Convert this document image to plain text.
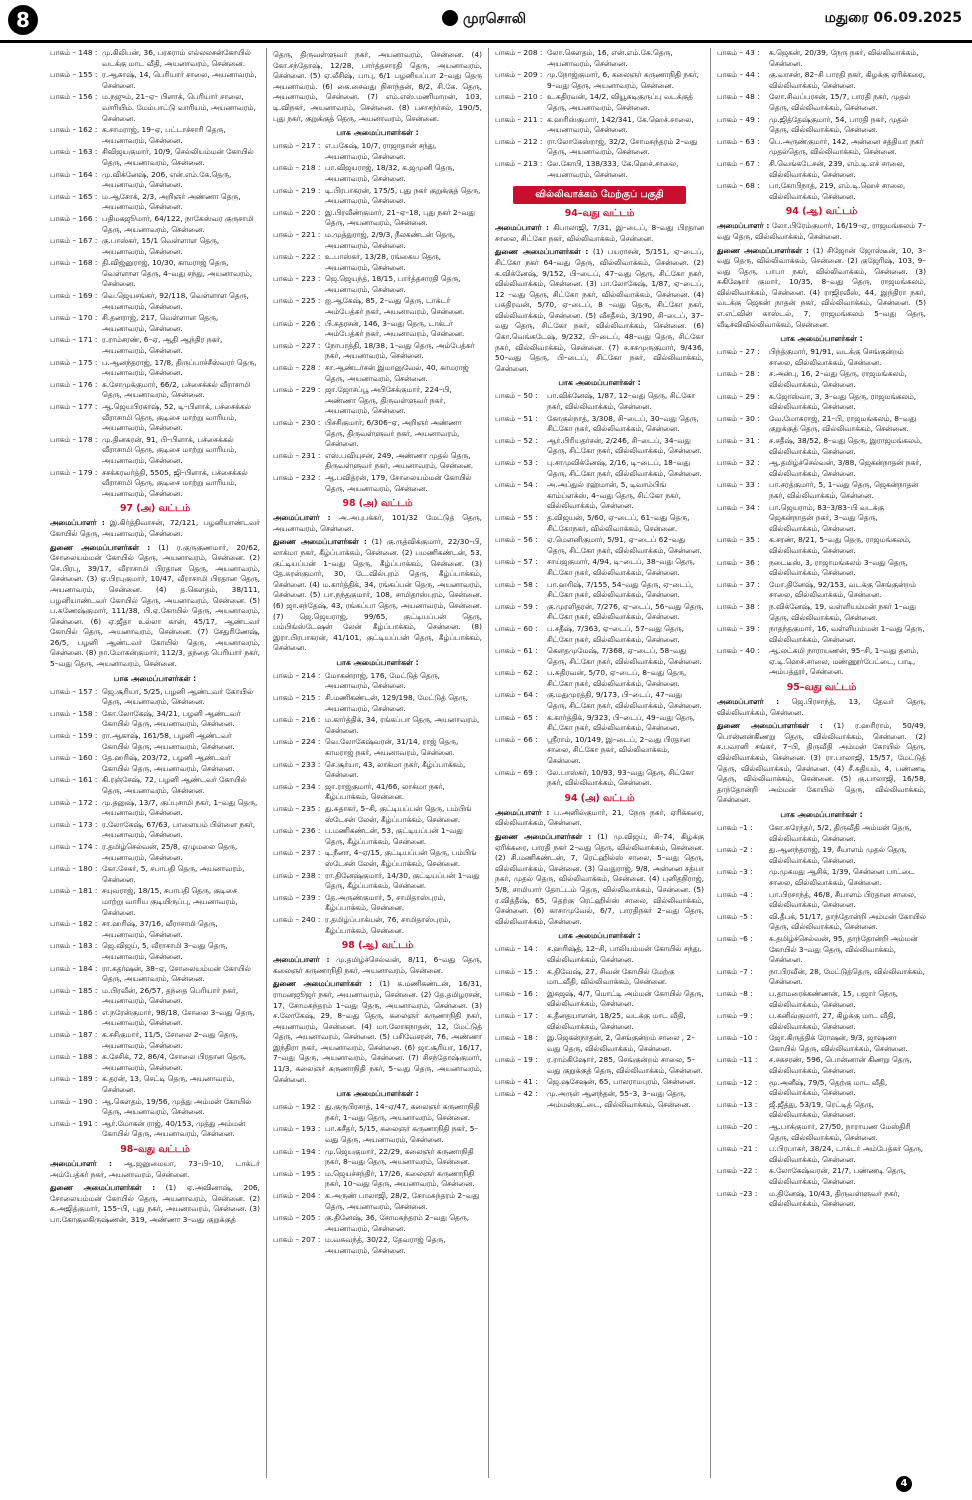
8	முரசொலி	மதுரை 06.09.2025
பாகம் – 148 : மு.கிலிபன், 36, பரசுராம் எல்லலசன்கோயில் வடக்கு மாட வீதி, அயனாவரம், சென்னை.
பாகம் – 155 : ர.ஆகாஷ், 14, பெரியார் சாலை, அயனாவரம், சென்னை.
பாகம் – 156 : ம.நஜும், 21–ஏ– பிளாக், பெரியார் சாலை, வாரியிம். மேம்பாட்டு வாரியம், அயனாவரம், சென்னை.
பாகம் – 162 : க.சாமராஜ், 19–ஏ, பட்டாச்சாரி தெரு, அயனாவரம், சென்னை.
பாகம் – 163 : சிவிஜயகுமார், 10/9, செல்லியம்மன் கோயில் தெரு, அயனாவரம், சென்னை.
பாகம் – 164 : மு.விக்னேஷ், 206, என்.எம்.கே.தெரு, அயனாவரம், சென்னை.
பாகம் – 165 : ம.ஆசோக், 2/3, அறிஞர் அண்ணா தெரு, அயனாவரம், சென்னை.
பாகம் – 166 : பதிமகஜூமார், 64/122, நாகேஸ்வர குருசாமி தெரு, அயனாவரம், சென்னை.
பாகம் – 167 : கு.பாஸ்கர், 15/1 வெள்ளாள தெரு, அயனாவரம், சென்னை.
பாகம் – 168 : தி.விஜ்னுராஜ், 10/30, காமராஜ் தெரு, வெள்ளாள தெரு, 4–வது சந்து, அயனாவரம், சென்னை.
பாகம் – 169 : வெ.ஜெயசங்கர், 92/118, வெள்ளாள தெரு, அயனாவரம், சென்னை.
பாகம் – 170 : சி.தனராஜ், 217, வெள்ளாள தெரு, அயனாவரம், சென்னை.
பாகம் – 171 : ர.ராம்சரண், 6–ஏ, ஆதி ஆந்திர நகர், அயனாவரம், சென்னை.
பாகம் – 175 : ப.ஆனந்தராஜ், 17/8, திருப்பாச்சீஸ்வரர் தெரு, அயனாவரம், சென்னை.
பாகம் – 176 : க.சோமுக்குமார், 66/2, பச்சைக்கல் வீராசாமி தெரு, அயனாவரம், சென்னை.
பாகம் – 177 : ஆ.ஜெயபிரகாஷ், 52, டி–பிளாக், பச்சைக்கல் வீராசாமி தெரு, குடிசை மாற்று வாரியம், அயனாவரம், சென்னை.
பாகம் – 178 : மு.தினகரன், 91, பி–பிளாக், பச்சைக்கல் வீராசாமி தெரு, குடிசை மாற்று வாரியம், அயனாவரம், சென்னை.
பாகம் – 179 : சசக்கரவர்த்தி, 5505, ஜி–பிளாக், பச்சைக்கல் வீராசாமி தெரு, குடிசை மாற்று வாரியம், அயனாவரம், சென்னை.
97 (அ) வட்டம்
அமைப்பாளர் : இ.கிர்த்திவாசன், 72/121, பழனியாண்டவர் கோயில் தெரு, அயனாவரம், சென்னை.
துணை அமைப்பாளர்கள் : (1) ர.குருகுணமார், 20/62, சோலையம்மன் கோயில் தெரு, அயனாவரம், சென்னை. (2) செ.பிரபு, 39/17, வீராசாமி பிரதான தெரு, அயனாவரம், சென்னை. (3) ஏ.பிரபுகுமார், 10/47, வீராசாமி பிரதான தெரு, அயனாவரம், சென்னை. (4) த.கெளதம், 38/111, பழனியாண்டவர் கோயில் தெரு, அயனாவரம், சென்னை. (5) ப.கணேஷ்குமார், 111/38, பி.ஏ.கோயில் தெரு, அயனாவரம், சென்னை. (6) ஏ.ஜீதா உல்லா கான், 45/17, ஆண்டவர் கோயில் தெரு, அயனாவரம், சென்னை. (7) சேதுரிணேஷ், 26/5, பழனி ஆண்டவர் கோயில் தெரு, அயனாவரம், சென்னை. (8) நா.மோகன்குமார், 112/3, தந்தை பெரியார் நகர், 5–வது தெரு, அயனாவரம், சென்னை.
பாக அமைப்பாளர்கள் :
பாகம் – 157 : ஜெ.சூரியா, 5/25, பழனி ஆண்டவர் கோயில் தெரு, அயனாவரம், சென்னை.
பாகம் – 158 : கோ.லோகேஷ், 34/21, பழனி ஆண்டவர் கோயில் தெரு, அயனாவரம், சென்னை.
பாகம் – 159 : ரா.ஆகாஷ், 161/58, பழனி ஆண்டவர் கோயில் தெரு, அயனாவரம், சென்னை.
பாகம் – 160 : தே.ஹரிஷ், 203/72, பழனி ஆண்டவர் கோயில் தெரு, அயனாவரம், சென்னை.
பாகம் – 161 : கி.ரஞ்சேஷ், 72, பழனி ஆண்டவர் கோயில் தெரு, அயனாவரம், சென்னை.
பாகம் – 172 : மு.தனுஷ், 13/7, குப்புசாமி நகர், 1–வது தெரு, அயனாவரம், சென்னை.
பாகம் – 173 : ர.லோகேஷ், 67/63, பாளையம் பிள்ளை நகர், அயனாவரம், சென்னை.
பாகம் – 174 : ர.தமிழ்செல்வன், 25/8, ஏழுமலை தெரு, அயனாவரம், சென்னை.
பாகம் – 180 : கோ.சேகர், 5, சபாபதி தெரு, அயனாவரம், சென்னை.
பாகம் – 181 : சயுவராஜ், 18/15, சபாபதி தெரு, குடிசை மாற்று வாரிய குடியிருப்பு, அயனாவரம், சென்னை.
பாகம் – 182 : சா.ஹரிஷ், 37/16, வீராசாமி தெரு, அயனாவரம், சென்னை.
பாகம் – 183 : ஜெ.விஜய், 5, வீராசாமி 3–வது தெரு, அயனாவரம், சென்னை.
பாகம் – 184 : ரா.கதர்ஷன், 38–ஏ, சோலையம்மன் கோயில் தெரு, அயனாவரம், சென்னை.
பாகம் – 185 : ம.பிரவீன், 26/57, தந்தை பெரியார் நகர், அயனாவரம், சென்னை.
பாகம் – 186 : எ.நரேன்குமார், 98/18, சோலை 3–வது தெரு, அயனாவரம், சென்னை.
பாகம் – 187 : க.சசிகுமார், 11/5, சோலை 2–வது தெரு, அயனாவரம், சென்னை.
பாகம் – 188 : க.சேசிக், 72, 86/4, சோலை பிரதான தெரு, அயனாவரம், சென்னை.
பாகம் – 189 : க.தரன், 13, செட்டி தெரு, அயனாவரம், சென்னை.
பாகம் – 190 : ஆ.கெளதம், 19/56, முத்து அம்மன் கோயில் தெரு, அயனாவரம், சென்னை.
பாகம் – 191 : ஆர்.மோகன் ராஜ், 40/153, முத்து அம்மன் கோயில் தெரு, அயனாவரம், சென்னை.
98–வது வட்டம்
அமைப்பாளர் : ஆ.ஜனுமையா, 73–பி–10, டாக்டர் அம்பேத்கர் நகர், அயனாவரம், சென்னை.
துணை அமைப்பாளர்கள் : (1) ஏ.அவினாஷ், 206, சோலையம்மன் கோயில் தெரு, அயனாவரம், சென்னை. (2) க.அஜித்குமார், 155–பி, புது நகர், அயனாவரம், சென்னை. (3) பா.கோகுலகிருஷ்ணன், 319, அண்ணா 3–வது குறுக்குத்
தெரு, திருவள்ளுவர் நகர், அயனாவரம், சென்னை. (4) கோ.சந்தோஷ், 12/28, பார்த்தசாரதி தெரு, அயனாவரம், சென்னை. (5) ஏ.லீசிஷ், பாபு, 6/1 பழனியப்பா 2–வது தெரு அயனாவரம். (6) கை.சைவது நிசாந்தன், 8/2, சி.கே. தெரு, அயனாவரம், சென்னை. (7) எம்.எஸ்.மணிமாறன், 103, டி.விநகர், அயனாவரம், சென்னை. (8) பசாசந்ர்சல், 190/5, புது நகர், குறுக்குத் தெரு, அயனாவரம், சென்னை.
பாக அமைப்பாளர்கள் :
பாகம் – 217 : எ.பகேஷ், 10/7, ராஜாதான் சந்து, அயனாவரம், சென்னை.
பாகம் – 218 : பா.விஜயராஜ், 18/32, க.ஜமுனி தெரு, அயனாவரம், சென்னை.
பாகம் – 219 : டி.பிரபாகரன், 175/5, புது நகர் குறுக்குத் தெரு, அயனாவரம், சென்னை.
பாகம் – 220 : இ.பிரவீண்குமார், 21–ஏ–18, புது நகர் 2–வது தெரு, அயனாவரம், சென்னை.
பாகம் – 221 : ம.முத்துராஜ், 2/9/3, நீலகண்டன் தெரு, அயனாவரம், சென்னை.
பாகம் – 222 : உ.பாஸ்கர், 13/28, ரங்கைய தெரு, அயனாவரம், சென்னை.
பாகம் – 223 : ஜெ.ஜெயந்த், 18/15, பார்த்தசாரதி தெரு, அயனாவரம், சென்னை.
பாகம் – 225 : ஐ.ஆகேஷ், 85, 2–வது தெரு, டாக்டர் அம்பேத்கர் நகர், அயனாவரம், சென்னை.
பாகம் – 226 : பி.கதரசன், 146, 3–வது தெரு, டாக்டர் அம்பேத்கர் நகர், அயனாவரம், சென்னை.
பாகம் – 227 : நோபாத்தி, 18/38, 1–வது தெரு, அம்பேத்கர் நகர், அயனாவரம், சென்னை.
பாகம் – 228 : சா.ஆண்டர்சன் இமானுவேல், 40, காமராஜ் தெரு, அயனாவரம், சென்னை.
பாகம் – 229 : ஜா.ஜோசப்பூ அபிசேக்குமார், 224–பி, அண்ணா தெரு, திருவள்ளுவர் நகர், அயனாவரம், சென்னை.
பாகம் – 230 : பிசசிகுமார், 6/306–ஏ, அறிஞர் அண்ணா தெரு, திருவள்ளுவர் நகர், அயனாவரம், சென்னை.
பாகம் – 231 : எஸ்.பவியுசன், 249, அண்ணா முதல் தெரு, திருவள்ளுவர் நகர், அயனாவரம், சென்னை.
பாகம் – 232 : ஆ.பவித்ரன், 179, சோலையம்மன் கோயில் தெரு, அயனாவரம், சென்னை.
98 (அ) வட்டம்
அமைப்பாளர் : அ.அபுபக்கர், 101/32 மேட்டுத் தெரு, அயனாவரம், சென்னை.
துணை அமைப்பாளர்கள் : (1) கு.ருத்விக்குமார், 22/30–பி, லாக்மா நகர், கீழ்ப்பாக்கம், சென்னை. (2) பமணிகண்டன், 53, குட்டியப்பன் 1–வது தெரு, கீழ்ப்பாக்கம், சென்னை. (3) தே.சுரன்குமார், 30, டே.வில்புரம் தெரு, கீழ்ப்பாக்கம், சென்னை. (4) ம.கார்த்திக், 34, ரங்கப்பன் தெரு, அயனாவரம், சென்னை. (5) பா.நந்தகுமார், 108, சாமிதாஸ்புரம், சென்னை. (6) ஜா.சந்தேஷ், 43, ரங்கப்பா தெரு, அயனாவரம், சென்னை. (7) ஜெ.ஜெயராஜ், 99/65, குட்டியப்பன் தெரு, பம்பிங்ஸ்டேஷன் லேன் கீழ்ப்பாக்கம், சென்னை. (8) இரா.பிரபாகரன், 41/101, குட்டியப்பன் தெரு, கீழ்ப்பாக்கம், சென்னை.
பாக அமைப்பாளர்கள் :
பாகம் – 214 : மோகன்ராஜ், 176, மேட்டுத் தெரு, அயனாவரம், சென்னை.
பாகம் – 215 : சி.மணிகண்டன், 129/198, மேட்டுத் தெரு, அயனாவரம், சென்னை.
பாகம் – 216 : ம.கார்த்திக், 34, ரங்கப்பா தெரு, அயனாவரம், சென்னை.
பாகம் – 224 : வெ.லோகேஷ்வரன், 31/14, ராஜ் தெரு, காமராஜ் நகர், அயனாவரம், சென்னை.
பாகம் – 233 : செ.சூர்யா, 43, லாக்மா நகர், கீழ்ப்பாக்கம், சென்னை.
பாகம் – 234 : ஜா.ராஜ்குமார், 41/66, லாக்மா நகர், கீழ்ப்பாக்கம், சென்னை.
பாகம் – 235 : து.சுதாகர், 5–சி, குட்டியப்பன் தெரு, பம்பிங் ஸ்டேசன் லேன், கீழ்ப்பாக்கம், சென்னை.
பாகம் – 236 : ப.மணிகண்டன், 53, குட்டியப்பன் 1–வது தெரு, கீழ்ப்பாக்கம், சென்னை.
பாகம் – 237 : டி.நீனா, 4–ஏ/15, குட்டியப்பன் தெரு, பம்பிங் ஸ்டேசன் லேன், கீழ்ப்பாக்கம், சென்னை.
பாகம் – 238 : ரா.தினேஷ்குமார், 14/30, குட்டியப்பன் 1–வது தெரு, கீழ்ப்பாக்கம், சென்னை.
பாகம் – 239 : தே.அருண்குமார், 5, சாமிதாஸ்புரம், கீழ்ப்பாக்கம், சென்னை.
பாகம் – 240 : ர.தமிழ்ப்பாக்யன், 76, சாமிதாஸ்புரம், கீழ்ப்பாக்கம், சென்னை.
98 (ஆ) வட்டம்
அமைப்பாளர் : மு.தமிழ்ச்செல்வன், 8/11, 6–வது தெரு, கலைஞர் கருணாநிதி நகர், அயனாவரம், சென்னை.
துணை அமைப்பாளர்கள் : (1) க.மணிகண்டன், 16/31, ராமனஜூஜர் நகர், அயனாவரம், சென்னை. (2) தே.தமிழரசன், 17, சோமசுந்தரம் 1–வது தெரு, அயனாவரம், சென்னை. (3) ச.லோகேஷ், 29, 8–வது தெரு, கலைஞர் கருணாநிதி நகர், அயனாவரம், சென்னை. (4) மா.லோகநாதன், 12, மேட்டுத் தெரு, அயனாவரம், சென்னை. (5) பசிவேசரன், 76, அண்ணா இந்திரா நகர், அயனாவரம், சென்னை. (6) ஜா.சூரியா, 16/17, 7–வது தெரு, அயனாவரம், சென்னை. (7) சிசந்தோஷ்குமார், 11/3, கலைஞர் கருணாநிதி நகர், 5–வது தெரு, அயனாவரம், சென்னை.
பாக அமைப்பாளர்கள் :
பாகம் – 192 : து.குருபிரசாத், 14–ஏ/47, கலைஞர் கருணாநிதி நகர், 1–வது தெரு, அயனாவரம், சென்னை.
பாகம் – 193 : பா.சுசீதர், 5/15, கலைஞர் கருணாநிதி நகர், 5–வது தெரு, அயனாவரம், சென்னை.
பாகம் – 194 : மு.ஜெயகுமார், 22/29, கலைஞர் கருணாநிதி நகர், 8–வது தெரு, அயனாவரம், சென்னை.
பாகம் – 195 : ம.ஜெயச்சந்திர், 17/26, கலைஞர் கருணாநிதி நகர், 10–வது தெரு, அயனாவரம், சென்னை.
பாகம் – 204 : க.அருண் பாலாஜி, 28/2, சோமசுந்தரம் 2–வது தெரு, அயனாவரம், சென்னை.
பாகம் – 205 : கு.தினேஷ், 36, சோமசுந்தரம் 2–வது தெரு, அயனாவரம், சென்னை.
பாகம் – 207 : ம.வசுவந்த், 30/22, தேவராஜ் தெரு, அயனாவரம், சென்னை.
பாகம் – 208 : லோ.கௌதம், 16, என்.எம்.கே.தெரு, அயனாவரம், சென்னை.
பாகம் – 209 : மு.நோஜ்குமார், 6, கலைஞர் கருணாநிதி நகர், 9–வது தெரு, அயனாவரம், சென்னை.
பாகம் – 210 : உ.கதிரவன், 14/2, வியூகடிகுருப்பு வடக்குத் தெரு, அயனாவரம், சென்னை.
பாகம் – 211 : க.ஹரிஸ்குமார், 142/341, கே.ஹெச்.சாலை, அயனாவரம், சென்னை.
பாகம் – 212 : ரா.லோகேஸ்ராஜ், 32/2, சோமசுந்தரம் 2–வது தெரு, அயனாவரம், சென்னை.
பாகம் – 213 : லே.கோபி, 138/333, கே.ஹெச்.சாலை, அயனாவரம், சென்னை.
வில்லிவாக்கம் மேற்குப் பகுதி
94–வது வட்டம்
அமைப்பாளர் : கிபாலாஜி, 7/31, இ–டைப், 8–வது பிரதான சாலை, சிட்கோ நகர், வில்லிவாக்கம், சென்னை.
துணை அமைப்பாளர்கள் : (1) பயராசன், 5/151, ஏ–டைப், சிட்கோ நகர் 64–வது தெரு, வில்லிவாக்கம், சென்னை. (2) க.விக்னேஷ், 9/152, பி–டைப், 47–வது தெரு, சிட்கோ நகர், வில்லிவாக்கம், சென்னை. (3) பா.லோகேஷ், 1/87, ஏ–டைப், 12 –வது தெரு, சிட்கோ நகர், வில்லிவாக்கம், சென்னை. (4) பசுதிரவன், 5/70, ஏ–டைப், 8 –வது தெரு, சிட்கோ நகர், வில்லிவாக்கம், சென்னை. (5) வீசதீசம், 3/190, சி–டைப், 37–வது தெரு, சிட்கோ நகர், வில்லிவாக்கம், சென்னை. (6) கொ.வெங்கடேஷ், 9/232, பி–டைப், 48–வது தெரு, சிட்கோ நகர், வில்லிவாக்கம், சென்னை. (7) ச.சசமுருகுமார், 9/436, 50–வது தெரு, பி–டைப், சிட்கோ நகர், வில்லிவாக்கம், சென்னை.
பாக அமைப்பாளர்கள் :
பாகம் – 50 :	பா.விக்னேஷ், 1/87, 12–வது தெரு, சிட்கோ நகர், வில்லிவாக்கம், சென்னை.
பாகம் – 51 :	கோகுல்நாத், 3/308, சி–டைப், 30–வது தெரு, சிட்கோ நகர், வில்லிவாக்கம், சென்னை.
பாகம் – 52 :	ஆர்.பிரியதர்சன், 2/246, சி–டைப், 34–வது தெரு, சிட்கோ நகர், வில்லிவாக்கம், சென்னை.
பாகம் – 53 :	பு.சாமுவிக்னேஷ், 2/16, டி–டைப், 18–வது தெரு, சிட்கோ நகர், வில்லிவாக்கம், சென்னை.
பாகம் – 54 :	அ.அப்துல் ரஹ்மான், 5, டிவாம்பிங் காம்ப்ளக்ஸ், 4–வது தெரு, சிட்கோ நகர், வில்லிவாக்கம், சென்னை.
பாகம் – 55 :	த.விஜயன், 5/60, ஏ–டைப், 61–வது தெரு, சிட்கோநகர், வில்லிவாக்கம், சென்னை.
பாகம் – 56 :	ஏ.மௌனிகுமார், 5/91, ஏ–டைப் 62–வது தெரு, சிட்கோ நகர், வில்லிவாக்கம், சென்னை.
பாகம் – 57 :	சாய்ஜகுமார், 4/94, டி–டைப், 38–வது தெரு, சிட்கோ நகர், வில்லிவாக்கம், சென்னை.
பாகம் – 58 :	பா.ஹரிஷ், 7/155, 54–வது தெரு, ஏ–டைப், சிட்கோ நகர், வில்லிவாக்கம், சென்னை.
பாகம் – 59 :	கு.முரளிதரன், 7/276, ஏ–டைப், 56–வது தெரு, சிட்கோ நகர், வில்லிவாக்கம், சென்னை.
பாகம் – 60 :	ப.சதீஷ், 7/363, ஏ–டைப், 57–வது தெரு, சிட்கோ நகர், வில்லிவாக்கம், சென்னை.
பாகம் – 61 :	கௌதமுமேஷ், 7/368, ஏ–டைப், 58–வது தெரு, சிட்கோ நகர், வில்லிவாக்கம், சென்னை.
பாகம் – 62 :	ப.சுதிரவன், 5/70, ஏ–டைப், 8–வது தெரு, சிட்கோ நகர், வில்லிவாக்கம், சென்னை.
பாகம் – 64 :	கு.மதுமுரத்தி, 9/173, பி–டைப், 47–வது தெரு, சிட்கோ நகர், வில்லிவாக்கம், சென்னை.
பாகம் – 65 :	க.கார்த்திக், 9/323, பி–டைப், 49–வது தெரு, சிட்கோ நகர், வில்லிவாக்கம், சென்னை.
பாகம் – 66 :	ஸ்ரீராம், 10/149, இ–டைப், 2–வது பிரதான சாலை, சிட்கோ நகர், வில்லிவாக்கம், சென்னை.
பாகம் – 69 :	லே.பாஸ்கர், 10/93, 93–வது தெரு, சிட்கோ நகர், வில்லிவாக்கம், சென்னை.
94 (அ) வட்டம்
அமைப்பாளர் : ப.அனில்குமார், 21, நேரு நகர், ஏரிக்கரை, வில்லிவாக்கம், சென்னை.
துணை அமைப்பாளர்கள் : (1) மு.விஜய், சி–74, கிழக்கு ஏரிக்கரை, பாரதி நகர் 2–வது தெரு, வில்லிவாக்கம், சென்னை. (2) சி.மணிகண்டன், 7, ரெட்ஹில்ஸ் சாலை, 5–வது தெரு, வில்லிவாக்கம், சென்னை. (3) வெதுராஜ், 9/8, அன்னை சத்யா நகர், முதல் தெரு, வில்லிவாக்கம், சென்னை. (4) புனிதநிராஜ், 5/8, சாமியார் தோட்டம் தெரு, வில்லிவாக்கம், சென்னை. (5) ர.வித்தீஷ், 65, தெற்கு ரெட்ஹில்ஸ் சாலை, வில்லிவாக்கம், சென்னை. (6) காசாமுவேல், 6/7, பாரதிநகர் 2–வது தெரு, வில்லிவாக்கம், சென்னை.
பாக அமைப்பாளர்கள் :
பாகம் – 14 :	ச.ஹரிஷ்த், 12–சி, பாலியம்மன் கோயில் சந்து, வில்லிவாக்கம், சென்னை.
பாகம் – 15 :	க.திவேஷ், 27, சிவன் கோயில் மேற்கு மாடவீதி, வில்லிவாக்கம், சென்னை.
பாகம் – 16 :	இசுஜஷ், 4/7, மொட்டி அம்மன் கோயில் தெரு, வில்லிவாக்கம், சென்னை.
பாகம் – 17 :	சு.தீனதயாளன், 18/25, வடக்கு மாட வீதி, வில்லிவாக்கம், சென்னை.
பாகம் – 18 :	இ.ஜெகன்நாதன், 2, செங்குன்றம் சாலை , 2–வது தெரு, வில்லிவாக்கம், சென்னை.
பாகம் – 19 :	ர.ராம்கிஷோர், 285, செங்குன்றம் சாலை, 5–வது குறுக்குத் தெரு, வில்லிவாக்கம், சென்னை.
பாகம் – 41 :	ஜெ.ஷசேஷன், 65, பாலராமபுரம், சென்னை.
பாகம் – 42 :	மு.அருள் ஆனந்தன், 55–3, 3–வது தெரு, அம்மன்குட்டை, வில்லிவாக்கம், சென்னை.
பாகம் – 43 :	க.ஜெகன், 20/39, நேரு நகர், வில்லிவாக்கம், சென்னை.
பாகம் – 44 :	கு.வாசன், 82–சி பாரதி நகர், கிழக்கு ஏரிக்கரை, வில்லிவாக்கம், சென்னை.
பாகம் – 48 :	லோ.சிவப்பரசன், 15/7, பாரதி நகர், முதல் தெரு, வில்லிவாக்கம், சென்னை.
பாகம் – 49 :	மு.ஜித்தேஷ்குமார், 54, பாரதி நகர், முதல் தெரு, வில்லிவாக்கம், சென்னை.
பாகம் – 63 :	பெ.அருண்குமார், 142, அன்னை சத்தியா நகர் முதல்தெரு, வில்லிவாக்கம், சென்னை.
பாகம் – 67 :	சி.வெங்கடேசன், 239, எம்.டி.எச் சாலை, வில்லிவாக்கம், சென்னை.
பாகம் – 68 :	பா.கோபிநாத், 219, எம்.டி.ஹெச் சாலை, வில்லிவாக்கம், சென்னை.
94 (ஆ) வட்டம்
அமைப்பாளர் : லோ.பிரேம்குமார், 16/19–ஏ, ராஜமங்கலம் 7–வது தெரு, வில்லிவாக்கம், சென்னை.
துணை அமைப்பாளர்கள் : (1) சிஜோன் ஜோஸ்டீன், 10, 3–வது தெரு, வில்லிவாக்கம், சென்னை. (2) குஜேரிஷ், 103, 9–வது தெரு, பாபா நகர், வில்லிவாக்கம், சென்னை. (3) சுகிஷோர் குமார், 10/35, 8–வது தெரு, ராஜமங்கலம், வில்லிவாக்கம், சென்னை. (4) ராஜிரவீஸ், 44, இந்திரா நகர், வடக்கு ஜெகன் நாதன் நகர், வில்லிவாக்கம், சென்னை. (5) எ.எட்வின் காஸ்டல், 7, ராஜமங்கலம் 5–வது தெரு, வீடிச்விவில்லிவாக்கம், சென்னை.
பாக அமைப்பாளர்கள் :
பாகம் – 27 :	பிந்த்குமார், 91/91, வடக்கு செங்குன்றம் சாலை, வில்லிவாக்கம், சென்னை.
பாகம் – 28 :	ச.அன்பு, 16, 2–வது தெரு, ராஜமங்கலம், வில்லிவாக்கம், சென்னை.
பாகம் – 29 :	க.ஜோஸ்வா, 3, 3–வது தெரு, ராஜமங்கலம், வில்லிவாக்கம், சென்னை.
பாகம் – 30 :	வே.மோகராஜ், 21–பி, ராஜமங்கலம், 8–வது குறுக்குத் தெரு, வில்லிவாக்கம், சென்னை.
பாகம் – 31 :	ச.சதீஷ், 38/52, 8–வது தெரு, இராஜமங்கலம், வில்லிவாக்கம், சென்னை.
பாகம் – 32 :	ஆ.தமிழ்ச்செல்வன், 3/88, ஜெகன்நாதன் நகர், வில்லிவாக்கம், சென்னை.
பாகம் – 33 :	பா.சரத்குமார், 5, 1–வது தெரு, ஜெகன்நாதன் நகர், வில்லிவாக்கம், சென்னை.
பாகம் – 34 :	பா.ஜெயராம், 83–3/83–பி வடக்கு ஜெகன்நாதன் நகர், 3–வது தெரு, வில்லிவாக்கம், சென்னை.
பாகம் – 35 :	க.சரண், 8/21, 5–வது தெரு, ராஜமங்கலம், வில்லிவாக்கம், சென்னை.
பாகம் – 36 :	நடைடீஸ், 3, ராஜாமங்கலம் 3–வது தெரு, வில்லிவாக்கம், சென்னை.
பாகம் – 37 :	மோ.தினேஷ், 92/153, வடக்கு செங்குன்றம் சாலை, வில்லிவாக்கம், சென்னை.
பாகம் – 38 :	ந.விக்னேஷ், 19, வள்ளியம்மன் நகர் 1–வது தெரு, வில்லிவாக்கம், சென்னை.
பாகம் – 39 :	நாதந்தகுமார், 16, வள்ளியம்மன் 1–வது தெரு, வில்லிவாக்கம், சென்னை.
பாகம் – 40 :	ஆ.லட்சுமி நாராயணன், 95–சி, 1–வது தளம், ஏ.டி.ஹெச்.சாலை, மண்ணூர்பேட்டை, பாடி, அம்பத்தூர், சென்னை.
95–வது வட்டம்
அமைப்பாளர் : ஜெ.பிரசாந்த், 13, தேவர் தெரு, வில்லிவாக்கம், சென்னை.
துணை அமைப்பாளர்கள் : (1) ர.ஹரிராம், 50/49, பொன்னன்கிணறு தெரு, வில்லிவாக்கம், சென்னை. (2) ச.பவானி சங்கர், 7–பி, திருவீதி அம்மன் கோயில் தெரு, வில்லிவாக்கம், சென்னை. (3) ரா.பாலாஜி, 15/57, மேட்டுத் தெரு, வில்லிவாக்கம், சென்னை. (4) சீ.கதியம், 4, பண்ணடி தெரு, வில்லிவாக்கம், சென்னை. (5) கு.பாலாஜி, 16/58, தாந்தோன்றி அம்மன் கோயில் தெரு, வில்லிவாக்கம், சென்னை.
பாக அமைப்பாளர்கள் :
பாகம் –1 :	கோ.சுரேந்தர், 5/2, திருவீதி அம்மன் தெரு, வில்லிவாக்கம், சென்னை.
பாகம் –2 :	து.ஆனந்தராஜ், 19, சீயாளம் முதல் தெரு, வில்லிவாக்கம், சென்னை.
பாகம் –3 :	மு.முகமது ஆசிக், 1/39, சென்னை பாட்டை சாலை, வில்லிவாக்கம், சென்னை.
பாகம் –4 :	பா.பிரசாந்த், 46/8, சீயாளம் பிரதான சாலை, வில்லிவாக்கம், சென்னை.
பாகம் –5 :	வி.தீபக், 51/17, தாந்தோன்றி அம்மன் கோயில் தெரு, வில்லிவாக்கம், சென்னை.
பாகம் –6 :	க.தமிழ்ச்செல்வன், 95, தாந்தோன்றி அம்மன் கோயில் 3–வது தெரு, வில்லிவாக்கம், சென்னை.
பாகம் –7 :	நா.பிரவீன், 28, மேட்டுத்தெரு, வில்லிவாக்கம், சென்னை.
பாகம் –8 :	ப.தாமரைக்கண்ணன், 15, பஜார் தெரு, வில்லிவாக்கம், சென்னை.
பாகம் –9 :	ப.கனிவ்குமார், 27, கிழக்கு மாட வீதி, வில்லிவாக்கம், சென்னை.
பாகம் –10 :	ஜோ.கிருத்திக் ரோஷன், 9/3, ஜாஷனா கோயில் தெரு, வில்லிவாக்கம், சென்னை.
பாகம் –11 :	ச.சசுசரண், 596, பொன்னான் கிணறு தெரு, வில்லிவாக்கம், சென்னை.
பாகம் –12 :	மூ.அனீஷ், 79/5, தெற்கு மாட வீதி, வில்லிவாக்கம், சென்னை.
பாகம் –13 :	ஜீ.ஜீத்து, 53/19, ரெட்டித் தெரு, வில்லிவாக்கம், சென்னை.
பாகம் –20 :	ஆ.பாக்குமார், 27/50, நாராயண மேஸ்திரி தெரு, வில்லிவாக்கம், சென்னை.
பாகம் –21 :	ப.பிரபாகர், 38/24, டாக்டர் அம்பேத்கர் தெரு, வில்லிவாக்கம், சென்னை.
பாகம் –22 :	க.லோகேஷ்வரன், 21/7, பண்ணடி தெரு, வில்லிவாக்கம், சென்னை.
பாகம் –23 :	ம.தினேஷ், 10/43, திருவள்ளுவர் நகர், வில்லிவாக்கம், சென்னை.
4
